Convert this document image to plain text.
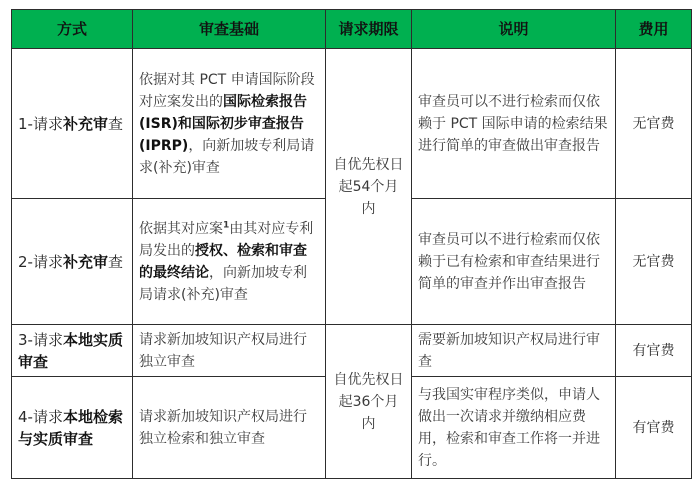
方式	审查基础	请求期限	说明	费用
1-请求补充审查	依据对其 PCT 申请国际阶段对应案发出的国际检索报告(ISR)和国际初步审查报告(IPRP)，向新加坡专利局请求(补充)审查	自优先权日起54个月内	审查员可以不进行检索而仅依赖于 PCT 国际申请的检索结果进行简单的审查做出审查报告	无官费
2-请求补充审查	依据其对应案$^1$由其对应专利局发出的授权、检索和审查的最终结论，向新加坡专利局请求(补充)审查		审查员可以不进行检索而仅依赖于已有检索和审查结果进行简单的审查并作出审查报告	无官费
3-请求本地实质审查	请求新加坡知识产权局进行独立审查	自优先权日起36个月内	需要新加坡知识产权局进行审查	有官费
4-请求本地检索与实质审查	请求新加坡知识产权局进行独立检索和独立审查		与我国实审程序类似，申请人做出一次请求并缴纳相应费用，检索和审查工作将一并进行。	有官费
